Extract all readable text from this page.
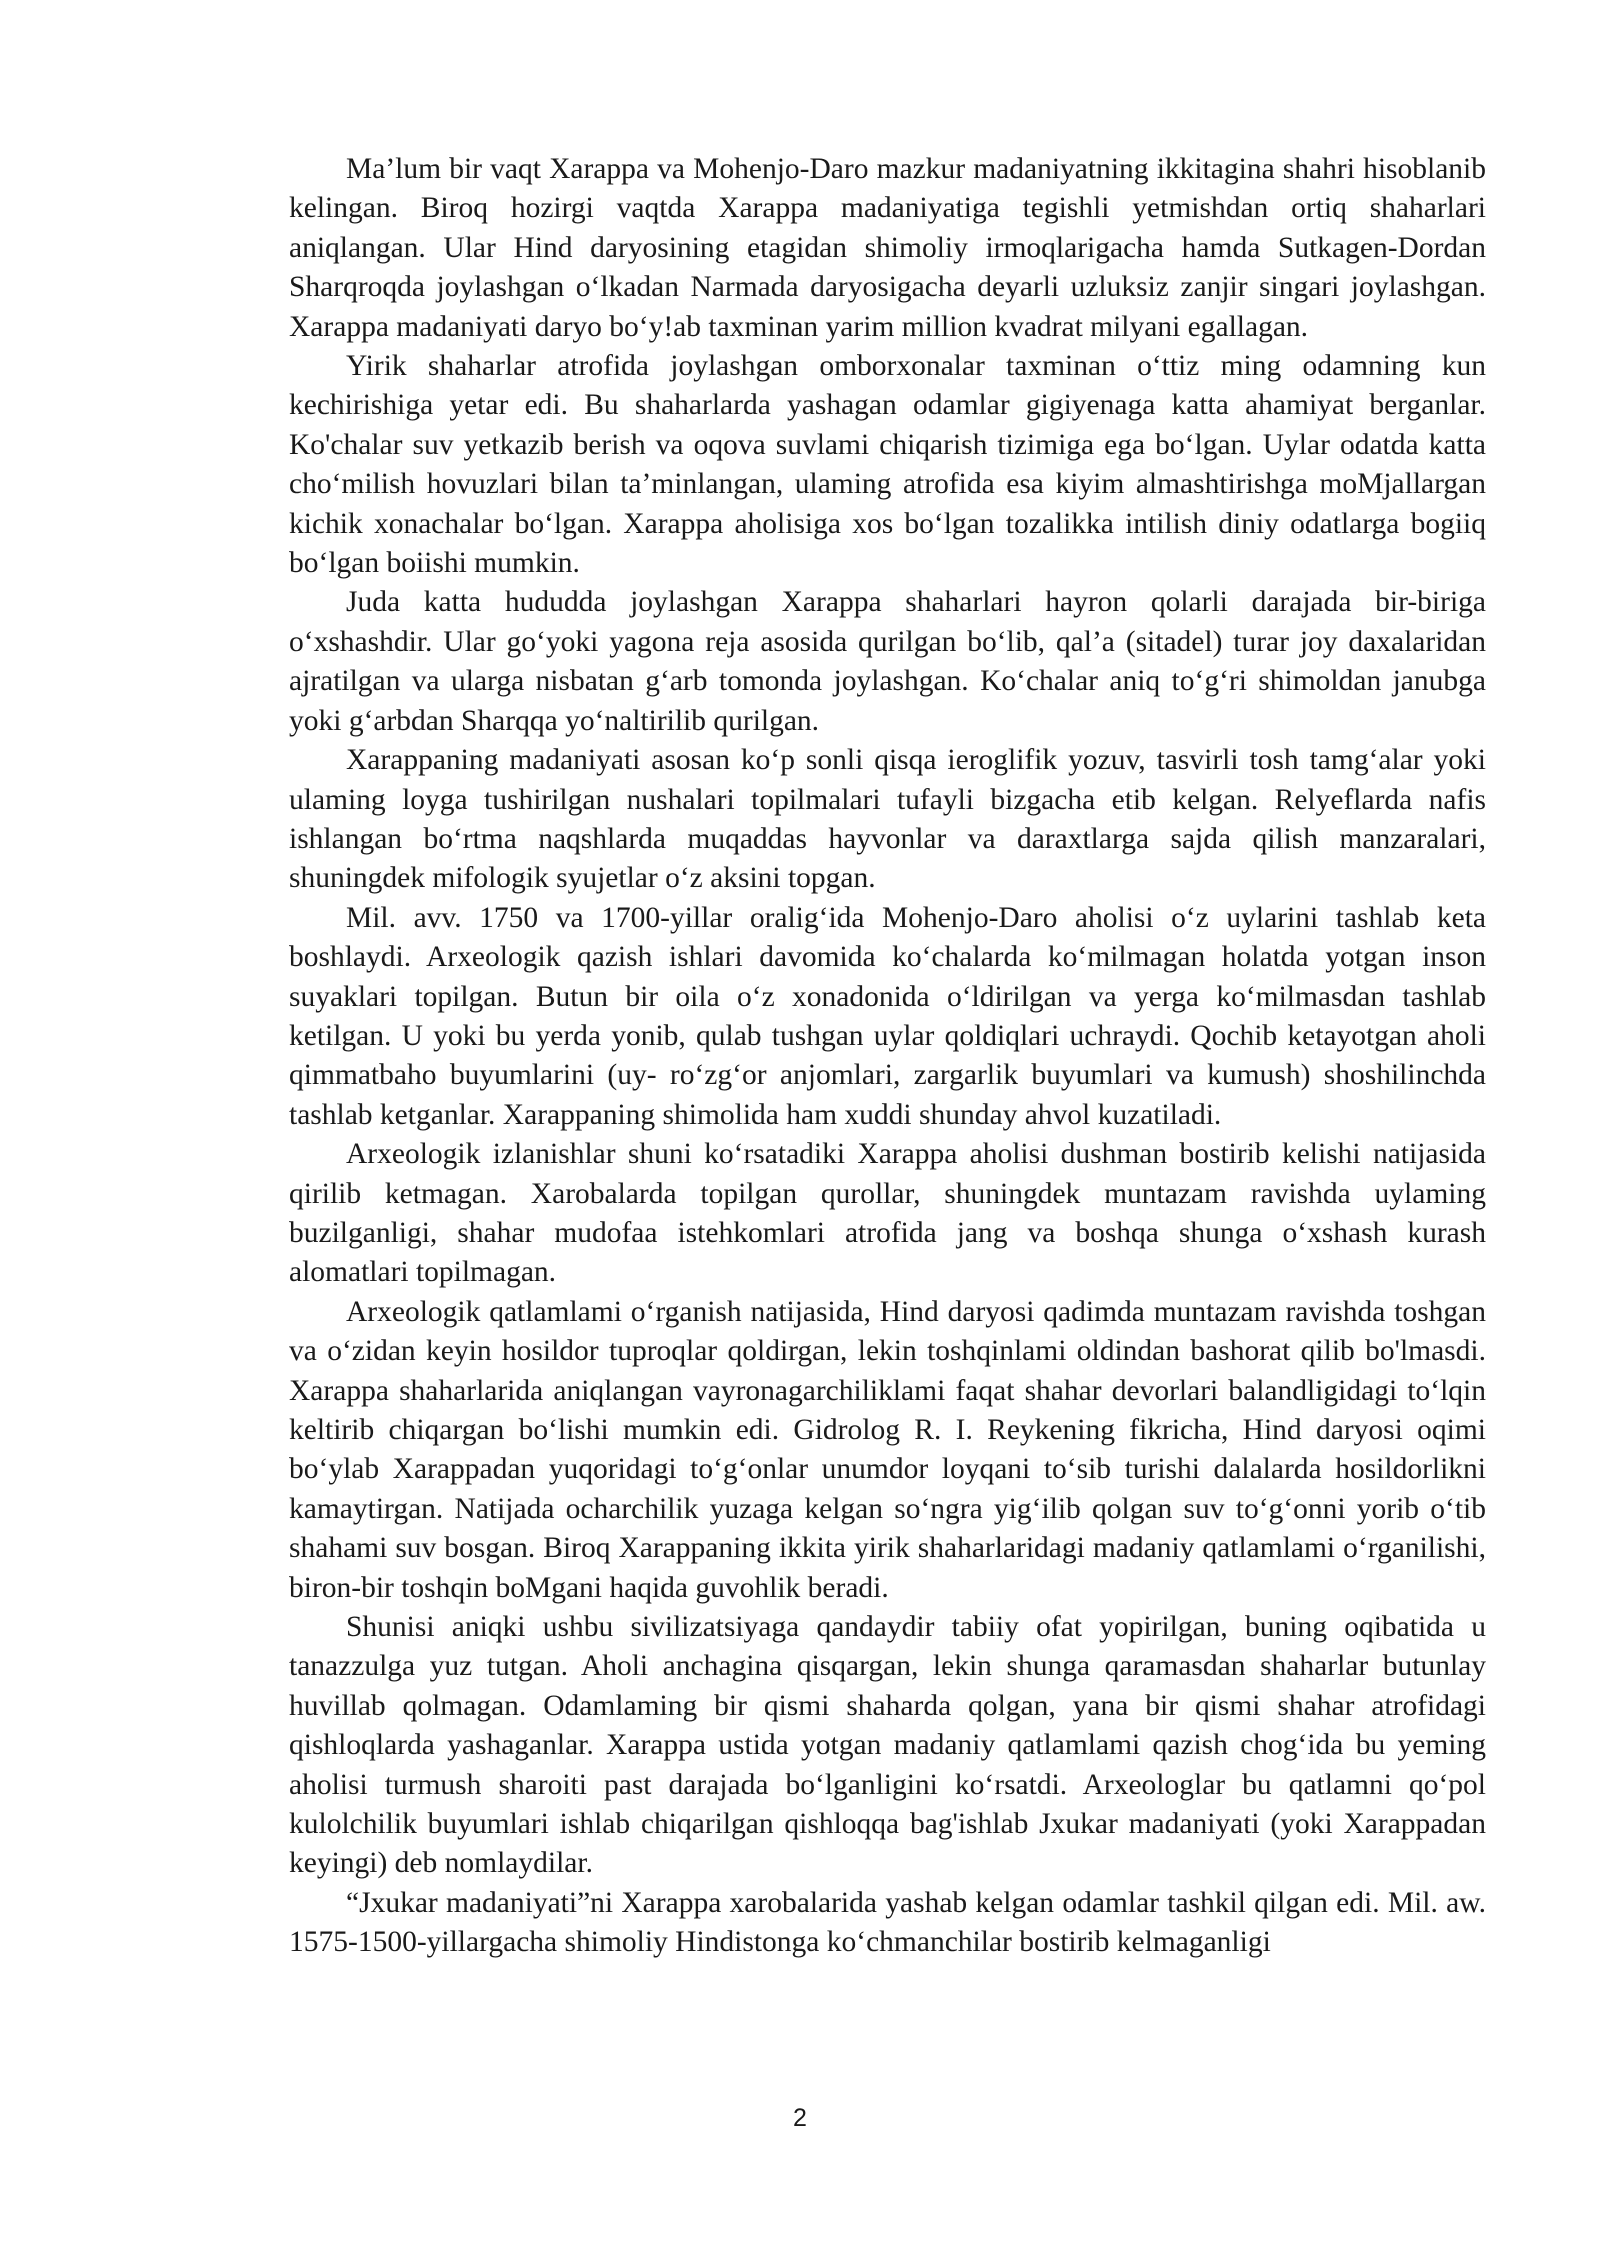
Ma’lum bir vaqt Xarappa va Mohenjo-Daro mazkur madaniyatning ikkitagina shahri hisoblanib kelingan. Biroq hozirgi vaqtda Xarappa madaniyatiga tegishli yetmishdan ortiq shaharlari aniqlangan. Ular Hind daryosining etagidan shimoliy irmoqlarigacha hamda Sutkagen-Dordan Sharqroqda joylashgan o‘lkadan Narmada daryosigacha deyarli uzluksiz zanjir singari joylashgan. Xarappa madaniyati daryo bo‘y!ab taxminan yarim million kvadrat milyani egallagan.

Yirik shaharlar atrofida joylashgan omborxonalar taxminan o‘ttiz ming odamning kun kechirishiga yetar edi. Bu shaharlarda yashagan odamlar gigiyenaga katta ahamiyat berganlar. Ko'chalar suv yetkazib berish va oqova suvlami chiqarish tizimiga ega bo‘lgan. Uylar odatda katta cho‘milish hovuzlari bilan ta’minlangan, ulaming atrofida esa kiyim almashtirishga moMjallargan kichik xonachalar bo‘lgan. Xarappa aholisiga xos bo‘lgan tozalikka intilish diniy odatlarga bogiiq bo‘lgan boiishi mumkin.

Juda katta hududda joylashgan Xarappa shaharlari hayron qolarli darajada bir-biriga o‘xshashdir. Ular go‘yoki yagona reja asosida qurilgan bo‘lib, qal’a (sitadel) turar joy daxalaridan ajratilgan va ularga nisbatan g‘arb tomonda joylashgan. Ko‘chalar aniq to‘g‘ri shimoldan janubga yoki g‘arbdan Sharqqa yo‘naltirilib qurilgan.

Xarappaning madaniyati asosan ko‘p sonli qisqa ieroglifik yozuv, tasvirli tosh tamg‘alar yoki ulaming loyga tushirilgan nushalari topilmalari tufayli bizgacha etib kelgan. Relyeflarda nafis ishlangan bo‘rtma naqshlarda muqaddas hayvonlar va daraxtlarga sajda qilish manzaralari, shuningdek mifologik syujetlar o‘z aksini topgan.

Mil. avv. 1750 va 1700-yillar oralig‘ida Mohenjo-Daro aholisi o‘z uylarini tashlab keta boshlaydi. Arxeologik qazish ishlari davomida ko‘chalarda ko‘milmagan holatda yotgan inson suyaklari topilgan. Butun bir oila o‘z xonadonida o‘ldirilgan va yerga ko‘milmasdan tashlab ketilgan. U yoki bu yerda yonib, qulab tushgan uylar qoldiqlari uchraydi. Qochib ketayotgan aholi qimmatbaho buyumlarini (uy- ro‘zg‘or anjomlari, zargarlik buyumlari va kumush) shoshilinchda tashlab ketganlar. Xarappaning shimolida ham xuddi shunday ahvol kuzatiladi.

Arxeologik izlanishlar shuni ko‘rsatadiki Xarappa aholisi dushman bostirib kelishi natijasida qirilib ketmagan. Xarobalarda topilgan qurollar, shuningdek muntazam ravishda uylaming buzilganligi, shahar mudofaa istehkomlari atrofida jang va boshqa shunga o‘xshash kurash alomatlari topilmagan.

Arxeologik qatlamlami o‘rganish natijasida, Hind daryosi qadimda muntazam ravishda toshgan va o‘zidan keyin hosildor tuproqlar qoldirgan, lekin toshqinlami oldindan bashorat qilib bo'lmasdi. Xarappa shaharlarida aniqlangan vayronagarchiliklami faqat shahar devorlari balandligidagi to‘lqin keltirib chiqargan bo‘lishi mumkin edi. Gidrolog R. I. Reykening fikricha, Hind daryosi oqimi bo‘ylab Xarappadan yuqoridagi to‘g‘onlar unumdor loyqani to‘sib turishi dalalarda hosildorlikni kamaytirgan. Natijada ocharchilik yuzaga kelgan so‘ngra yig‘ilib qolgan suv to‘g‘onni yorib o‘tib shahami suv bosgan. Biroq Xarappaning ikkita yirik shaharlaridagi madaniy qatlamlami o‘rganilishi, biron-bir toshqin boMgani haqida guvohlik beradi.

Shunisi aniqki ushbu sivilizatsiyaga qandaydir tabiiy ofat yopirilgan, buning oqibatida u tanazzulga yuz tutgan. Aholi anchagina qisqargan, lekin shunga qaramasdan shaharlar butunlay huvillab qolmagan. Odamlaming bir qismi shaharda qolgan, yana bir qismi shahar atrofidagi qishloqlarda yashaganlar. Xarappa ustida yotgan madaniy qatlamlami qazish chog‘ida bu yeming aholisi turmush sharoiti past darajada bo‘lganligini ko‘rsatdi. Arxeologlar bu qatlamni qo‘pol kulolchilik buyumlari ishlab chiqarilgan qishloqqa bag'ishlab Jxukar madaniyati (yoki Xarappadan keyingi) deb nomlaydilar.

“Jxukar madaniyati”ni Xarappa xarobalarida yashab kelgan odamlar tashkil qilgan edi. Mil. aw. 1575-1500-yillargacha shimoliy Hindistonga ko‘chmanchilar bostirib kelmaganligi

2
